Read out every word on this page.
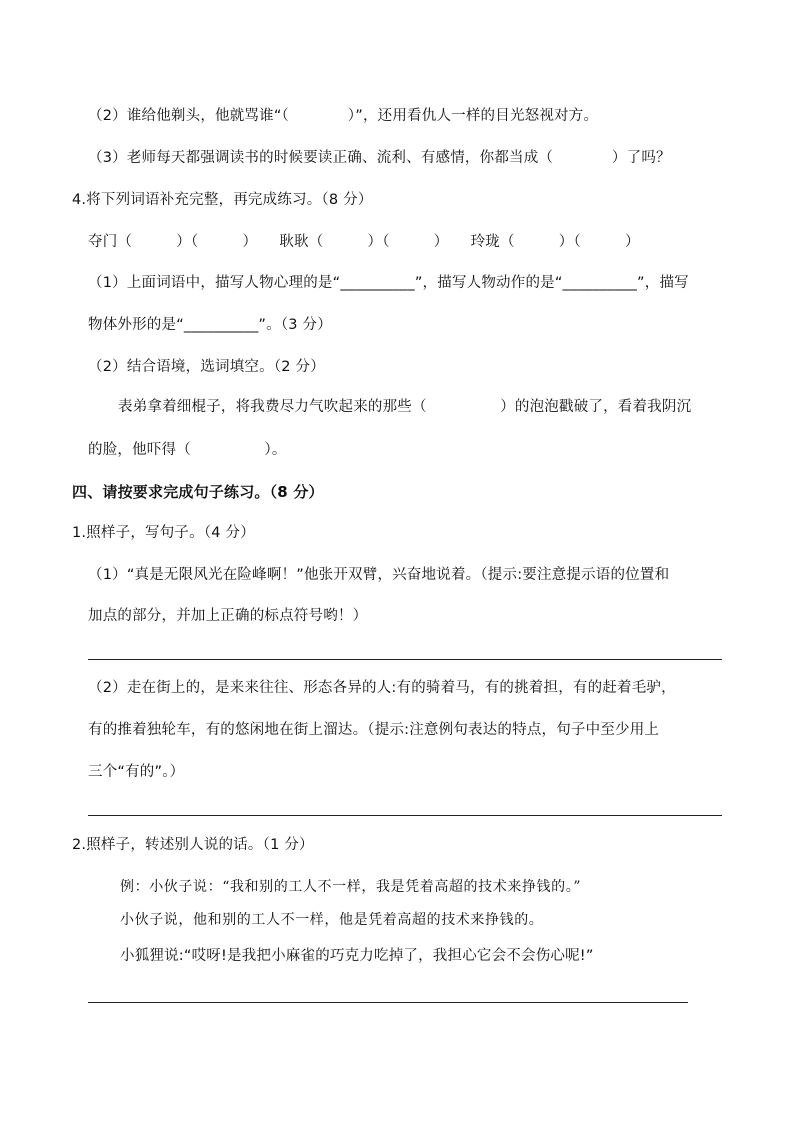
（2）谁给他剃头，他就骂谁“（　　　　）”，还用看仇人一样的目光怒视对方。
（3）老师每天都强调读书的时候要读正确、流利、有感情，你都当成（　　　　）了吗？
4.将下列词语补充完整，再完成练习。（8 分）
夺门（　　　）（　　　）　　耿耿（　　　）（　　　）　　玲珑（　　　）（　　　）
（1）上面词语中，描写人物心理的是“__________”，描写人物动作的是“__________”，描写
物体外形的是“__________”。（3 分）
（2）结合语境，选词填空。（2 分）
表弟拿着细棍子，将我费尽力气吹起来的那些（　　　　　）的泡泡戳破了，看着我阴沉
的脸，他吓得（　　　　　）。
四、请按要求完成句子练习。（8 分）
1.照样子，写句子。（4 分）
（1）“真是无限风光在险峰啊！”他张开双臂，兴奋地说着。（提示:要注意提示语的位置和
加点的部分，并加上正确的标点符号哟！）
（2）走在街上的，是来来往往、形态各异的人:有的骑着马，有的挑着担，有的赶着毛驴，
有的推着独轮车，有的悠闲地在街上溜达。（提示:注意例句表达的特点，句子中至少用上
三个“有的”。）
2.照样子，转述别人说的话。（1 分）
例：小伙子说：“我和别的工人不一样，我是凭着高超的技术来挣钱的。”
小伙子说，他和别的工人不一样，他是凭着高超的技术来挣钱的。
小狐狸说:“哎呀!是我把小麻雀的巧克力吃掉了，我担心它会不会伤心呢!”
